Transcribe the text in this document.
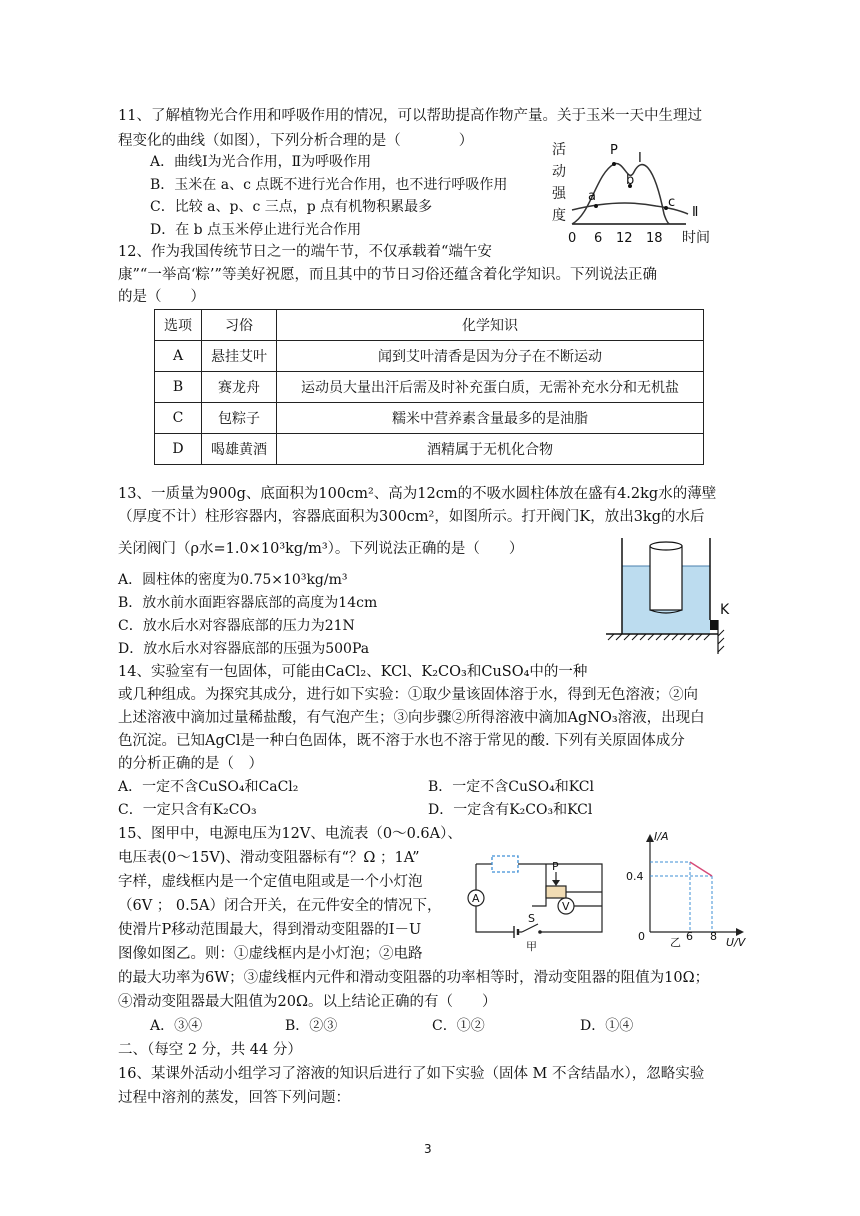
11、了解植物光合作用和呼吸作用的情况，可以帮助提高作物产量。关于玉米一天中生理过
程变化的曲线（如图），下列分析合理的是（　　　　）
A．曲线Ⅰ为光合作用，Ⅱ为呼吸作用
B．玉米在 a、c 点既不进行光合作用，也不进行呼吸作用
C．比较 a、p、c 三点，p 点有机物积累最多
D．在 b 点玉米停止进行光合作用
活
动
强
度
P
a
b
c
I
Ⅱ
0 6 12 18 时间
12、作为我国传统节日之一的端午节，不仅承载着“端午安
康”“一举高‘粽’”等美好祝愿，而且其中的节日习俗还蕴含着化学知识。下列说法正确
的是（　　）
选项	习俗	化学知识
A	悬挂艾叶	闻到艾叶清香是因为分子在不断运动
B	赛龙舟	运动员大量出汗后需及时补充蛋白质，无需补充水分和无机盐
C	包粽子	糯米中营养素含量最多的是油脂
D	喝雄黄酒	酒精属于无机化合物
13、一质量为900g、底面积为100cm²、高为12cm的不吸水圆柱体放在盛有4.2kg水的薄壁
（厚度不计）柱形容器内，容器底面积为300cm²，如图所示。打开阀门K，放出3kg的水后
关闭阀门（ρ水=1.0×10³kg/m³）。下列说法正确的是（　　）
A．圆柱体的密度为0.75×10³kg/m³
B．放水前水面距容器底部的高度为14cm
C．放水后水对容器底部的压力为21N
D．放水后水对容器底部的压强为500Pa
K
14、实验室有一包固体，可能由CaCl₂、KCl、K₂CO₃和CuSO₄中的一种
或几种组成。为探究其成分，进行如下实验：①取少量该固体溶于水，得到无色溶液；②向
上述溶液中滴加过量稀盐酸，有气泡产生；③向步骤②所得溶液中滴加AgNO₃溶液，出现白
色沉淀。已知AgCl是一种白色固体，既不溶于水也不溶于常见的酸. 下列有关原固体成分
的分析正确的是（　）
A．一定不含CuSO₄和CaCl₂	B．一定不含CuSO₄和KCl
C．一定只含有K₂CO₃	D．一定含有K₂CO₃和KCl
15、图甲中，电源电压为12V、电流表（0～0.6A）、
电压表(0～15V)、滑动变阻器标有“？Ω ；1A”
字样，虚线框内是一个定值电阻或是一个小灯泡
（6V ； 0.5A）闭合开关，在元件安全的情况下，
使滑片P移动范围最大，得到滑动变阻器的I－U
图像如图乙。则：①虚线框内是小灯泡；②电路
的最大功率为6W；③虚线框内元件和滑动变阻器的功率相等时，滑动变阻器的阻值为10Ω；
④滑动变阻器最大阻值为20Ω。以上结论正确的有（　　）
A．③④	B．②③	C．①②	D．①④
A
V
P
S
甲
I/A
0.4
0	6 8 U/V
乙
二、（每空 2 分，共 44 分）
16、某课外活动小组学习了溶液的知识后进行了如下实验（固体 M 不含结晶水），忽略实验
过程中溶剂的蒸发，回答下列问题：
3
